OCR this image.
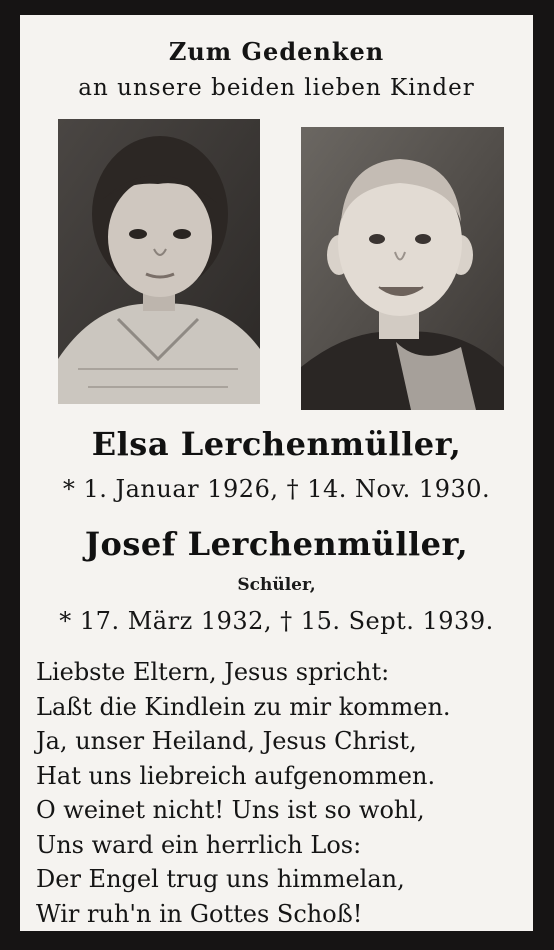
Zum Gedenken
an unsere beiden lieben Kinder
Elsa Lerchenmüller,
* 1. Januar 1926, † 14. Nov. 1930.
Josef Lerchenmüller,
Schüler,
* 17. März 1932, † 15. Sept. 1939.
Liebste Eltern, Jesus spricht:
Laßt die Kindlein zu mir kommen.
Ja, unser Heiland, Jesus Christ,
Hat uns liebreich aufgenommen.
O weinet nicht! Uns ist so wohl,
Uns ward ein herrlich Los:
Der Engel trug uns himmelan,
Wir ruh'n in Gottes Schoß!
